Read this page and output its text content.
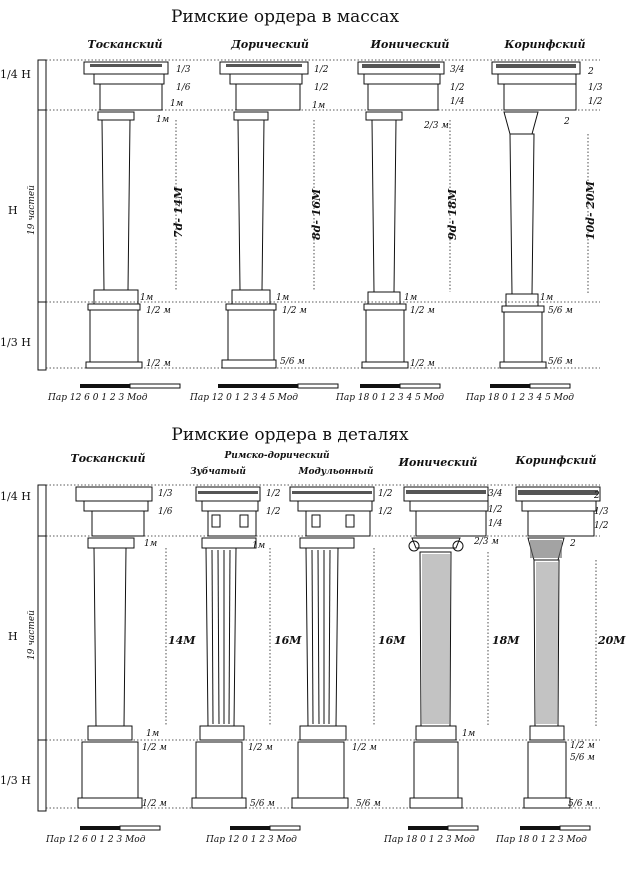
Римские ордера в массах
1/4 Н
Н
1/3 Н
19 частей
Тосканский	Дорический	Ионический	Коринфский
7d- 14M	8d- 16M	9d- 18M	10d- 20M
1м
1м
1м
1/2 м
1/2 м
1м
1м
1/2 м
5/6 м
2/3 м
1м
1/2 м
1/2 м
1м
5/6 м
5/6 м
1/3
1/6
1/2
1/2
3/4
1/2
1/4
2
1/3
1/2
2
Пар 12 6 0 1 2 3 Мод	Пар 12 0 1 2 3 4 5 Мод	Пар 18 0 1 2 3 4 5 Мод Пар 18 0 1 2 3 4 5 Мод
Римские ордера в деталях
1/4 Н
Н
1/3 Н
19 частей
Тосканский	Римско-дорический
Зубчатый	Модульонный
Ионический	Коринфский
14M	16M	16M	18M	20M
1м
1м
1/2 м
1/2 м
1м
1/2 м
5/6 м
1/2 м
5/6 м
2/3 м
1м
1/2 м
5/6 м
5/6 м
1/3
1/6
1/2
1/2
1/2
1/2
3/4
1/2
1/4
2
1/3
1/2
2
Пар 12 6 0 1 2 3 Мод	Пар 12 0 1 2 3 Мод	Пар 18 0 1 2 3 Мод Пар 18 0 1 2 3 Мод
